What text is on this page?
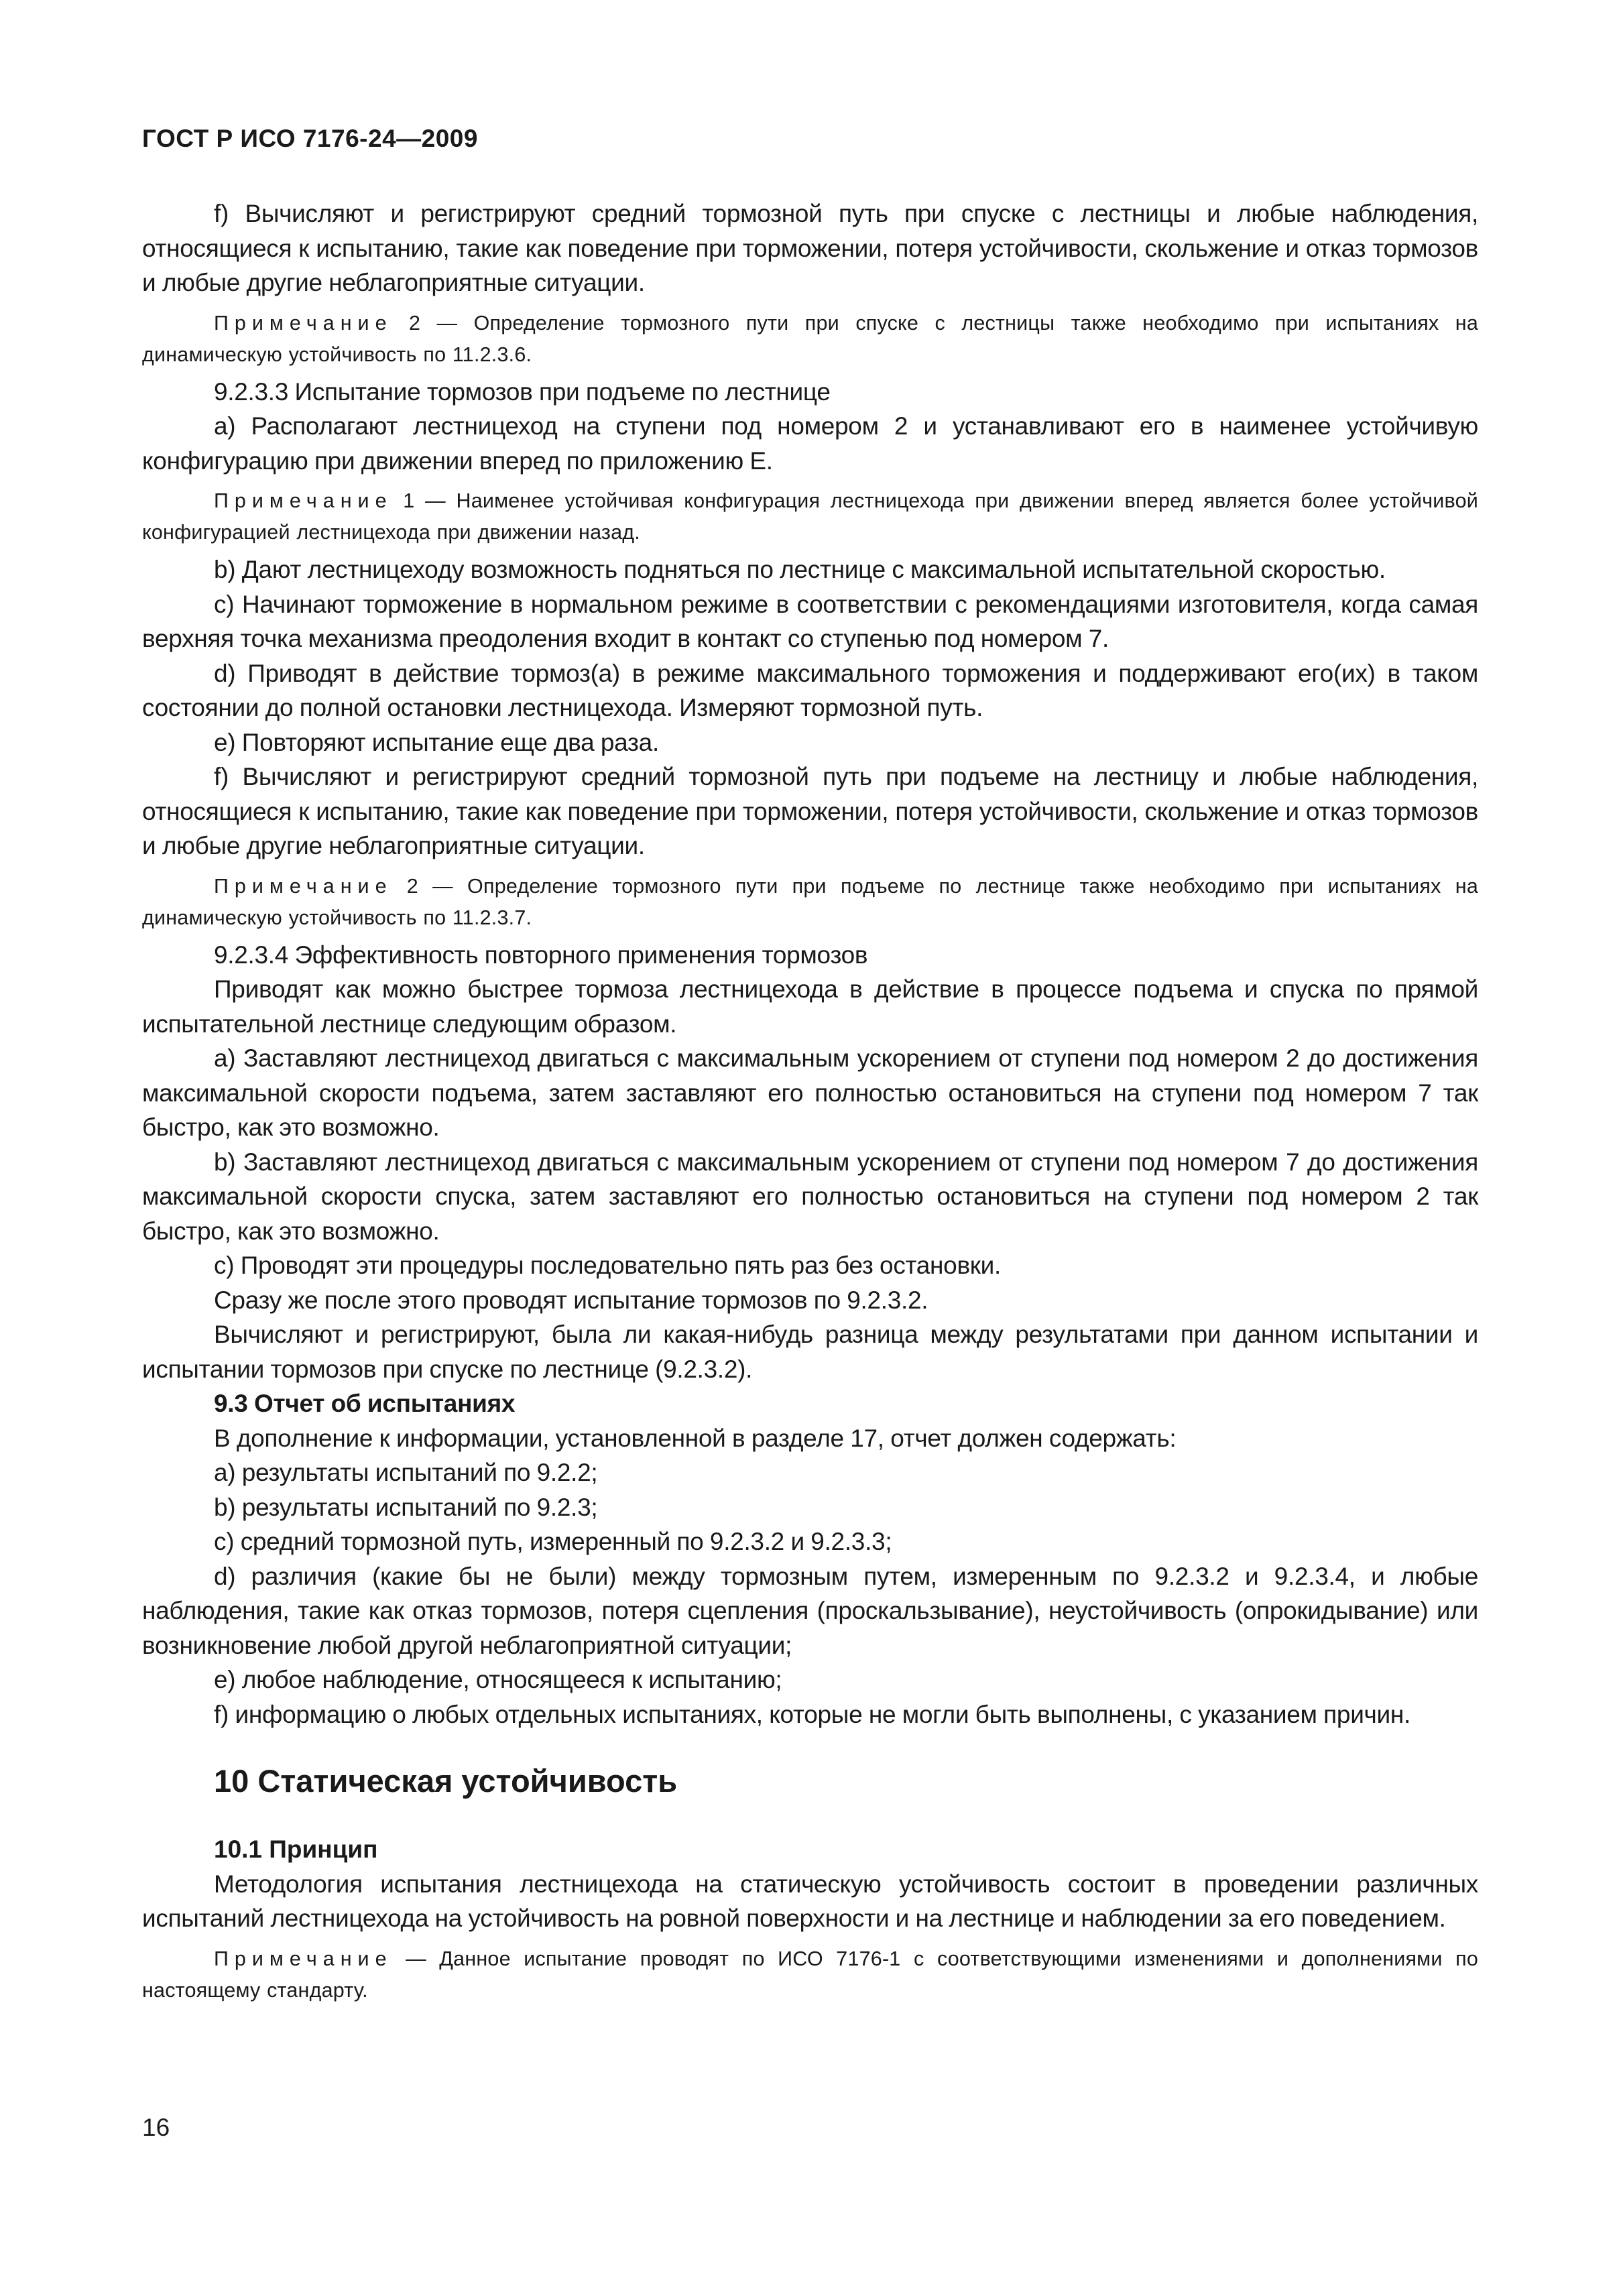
ГОСТ Р ИСО 7176-24—2009

f) Вычисляют и регистрируют средний тормозной путь при спуске с лестницы и любые наблюдения, относящиеся к испытанию, такие как поведение при торможении, потеря устойчивости, скольжение и отказ тормозов и любые другие неблагоприятные ситуации.

Примечание 2 — Определение тормозного пути при спуске с лестницы также необходимо при испытаниях на динамическую устойчивость по 11.2.3.6.

9.2.3.3 Испытание тормозов при подъеме по лестнице

a) Располагают лестницеход на ступени под номером 2 и устанавливают его в наименее устойчивую конфигурацию при движении вперед по приложению Е.

Примечание 1 — Наименее устойчивая конфигурация лестницехода при движении вперед является более устойчивой конфигурацией лестницехода при движении назад.

b) Дают лестницеходу возможность подняться по лестнице с максимальной испытательной скоростью.

c) Начинают торможение в нормальном режиме в соответствии с рекомендациями изготовителя, когда самая верхняя точка механизма преодоления входит в контакт со ступенью под номером 7.

d) Приводят в действие тормоз(а) в режиме максимального торможения и поддерживают его(их) в таком состоянии до полной остановки лестницехода. Измеряют тормозной путь.

e) Повторяют испытание еще два раза.

f) Вычисляют и регистрируют средний тормозной путь при подъеме на лестницу и любые наблюдения, относящиеся к испытанию, такие как поведение при торможении, потеря устойчивости, скольжение и отказ тормозов и любые другие неблагоприятные ситуации.

Примечание 2 — Определение тормозного пути при подъеме по лестнице также необходимо при испытаниях на динамическую устойчивость по 11.2.3.7.

9.2.3.4 Эффективность повторного применения тормозов

Приводят как можно быстрее тормоза лестницехода в действие в процессе подъема и спуска по прямой испытательной лестнице следующим образом.

a) Заставляют лестницеход двигаться с максимальным ускорением от ступени под номером 2 до достижения максимальной скорости подъема, затем заставляют его полностью остановиться на ступени под номером 7 так быстро, как это возможно.

b) Заставляют лестницеход двигаться с максимальным ускорением от ступени под номером 7 до достижения максимальной скорости спуска, затем заставляют его полностью остановиться на ступени под номером 2 так быстро, как это возможно.

c) Проводят эти процедуры последовательно пять раз без остановки.

Сразу же после этого проводят испытание тормозов по 9.2.3.2.

Вычисляют и регистрируют, была ли какая-нибудь разница между результатами при данном испытании и испытании тормозов при спуске по лестнице (9.2.3.2).

9.3 Отчет об испытаниях

В дополнение к информации, установленной в разделе 17, отчет должен содержать:

a) результаты испытаний по 9.2.2;

b) результаты испытаний по 9.2.3;

c) средний тормозной путь, измеренный по 9.2.3.2 и 9.2.3.3;

d) различия (какие бы не были) между тормозным путем, измеренным по 9.2.3.2 и 9.2.3.4, и любые наблюдения, такие как отказ тормозов, потеря сцепления (проскальзывание), неустойчивость (опрокидывание) или возникновение любой другой неблагоприятной ситуации;

e) любое наблюдение, относящееся к испытанию;

f) информацию о любых отдельных испытаниях, которые не могли быть выполнены, с указанием причин.

10 Статическая устойчивость
10.1 Принцип

Методология испытания лестницехода на статическую устойчивость состоит в проведении различных испытаний лестницехода на устойчивость на ровной поверхности и на лестнице и наблюдении за его поведением.

Примечание — Данное испытание проводят по ИСО 7176-1 с соответствующими изменениями и дополнениями по настоящему стандарту.

16
